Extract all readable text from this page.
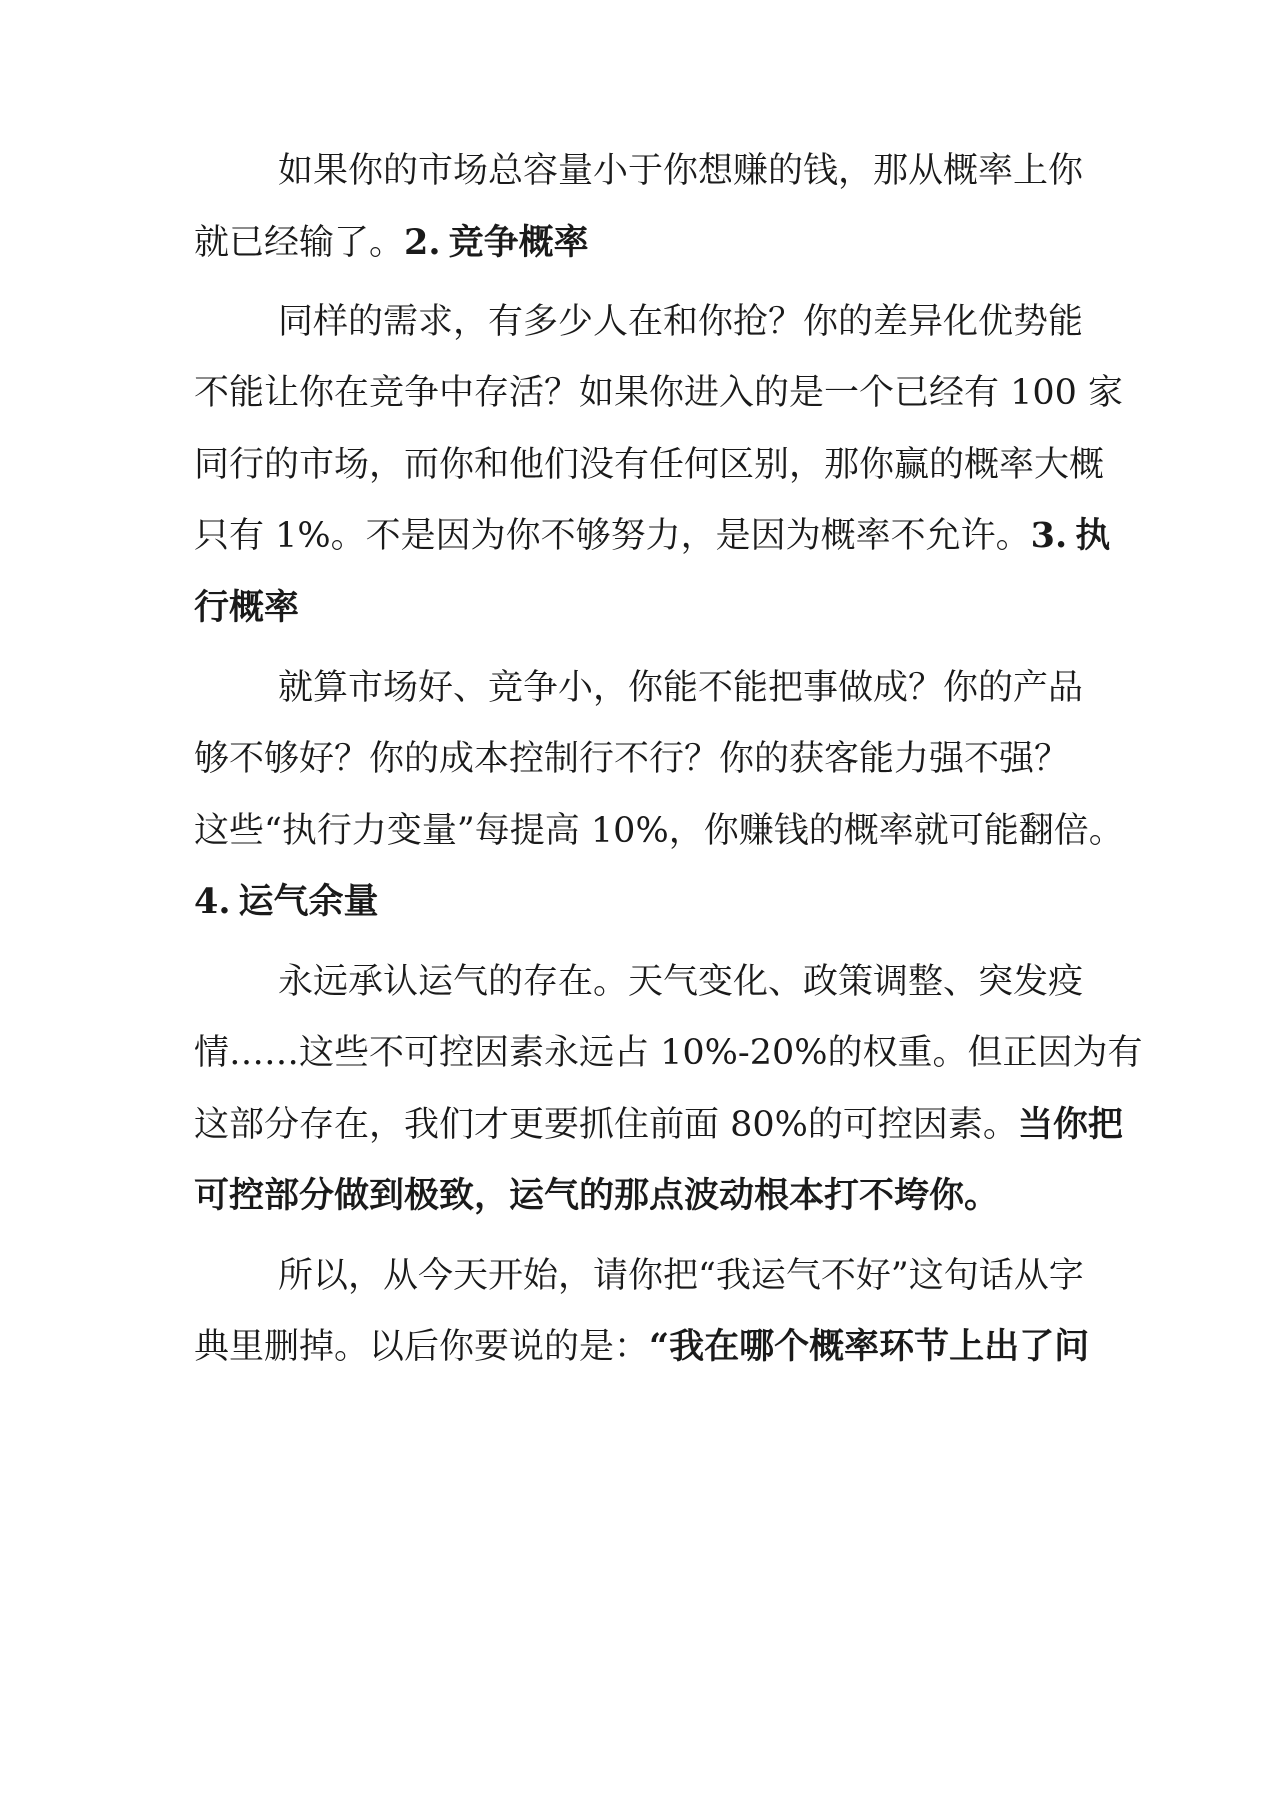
如果你的市场总容量小于你想赚的钱，那从概率上你
就已经输了。2. 竞争概率
同样的需求，有多少人在和你抢？你的差异化优势能
不能让你在竞争中存活？如果你进入的是一个已经有 100 家
同行的市场，而你和他们没有任何区别，那你赢的概率大概
只有 1%。不是因为你不够努力，是因为概率不允许。3. 执
行概率
就算市场好、竞争小，你能不能把事做成？你的产品
够不够好？你的成本控制行不行？你的获客能力强不强？
这些“执行力变量”每提高 10%，你赚钱的概率就可能翻倍。
4. 运气余量
永远承认运气的存在。天气变化、政策调整、突发疫
情……这些不可控因素永远占 10%-20%的权重。但正因为有
这部分存在，我们才更要抓住前面 80%的可控因素。当你把
可控部分做到极致，运气的那点波动根本打不垮你。
所以，从今天开始，请你把“我运气不好”这句话从字
典里删掉。以后你要说的是：“我在哪个概率环节上出了问
